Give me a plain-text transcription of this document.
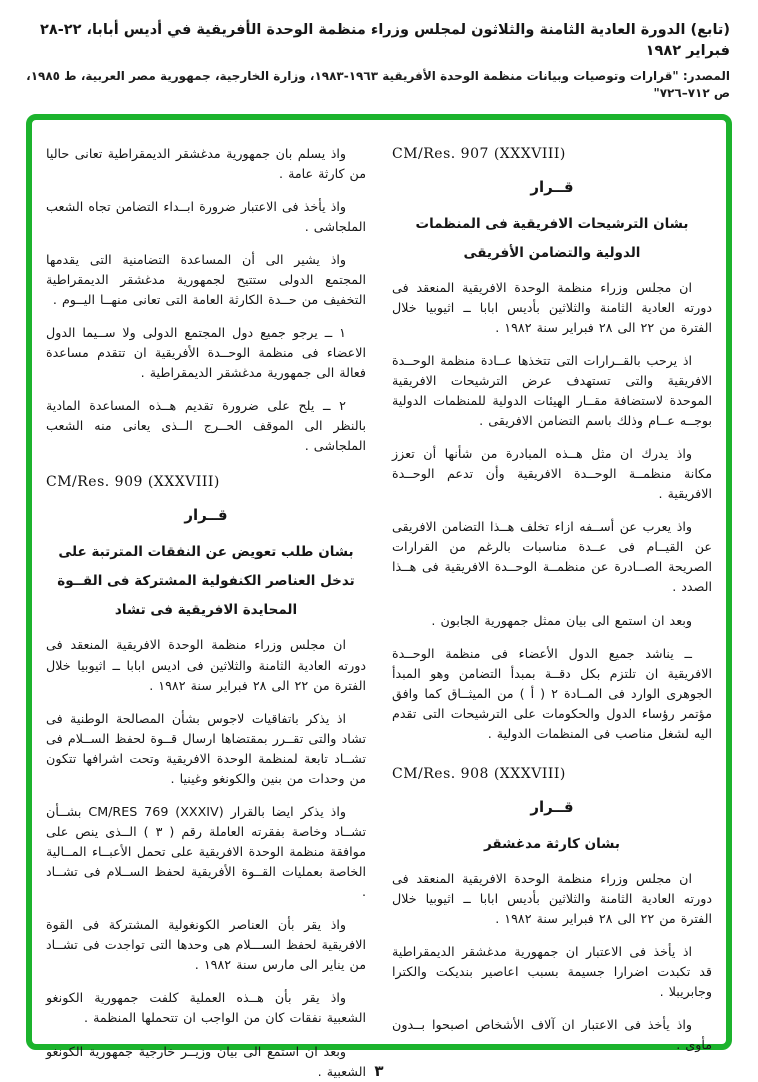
(تابع) الدورة العادية الثامنة والثلاثون لمجلس وزراء منظمة الوحدة الأفريقية في أديس أبابا، ٢٢-٢٨ فبراير ١٩٨٢
المصدر: "قرارات وتوصيات وبيانات منظمة الوحدة الأفريقية ١٩٦٣-١٩٨٣، وزارة الخارجية، جمهورية مصر العربية، ط ١٩٨٥، ص ٧١٢–٧٢٦"
CM/Res. 907 (XXXVIII)
قــرار
بشان الترشيحات الافريقية فى المنظمات
الدولية والتضامن الأفريقى

ان مجلس وزراء منظمة الوحدة الافريقية المنعقد فى دورته العادية الثامنة والثلاثين بأديس ابابا ــ اثيوبيا خلال الفترة من ٢٢ الى ٢٨ فبراير سنة ١٩٨٢ .

اذ يرحب بالقــرارات التى تتخذها عــادة منظمة الوحــدة الافريقية والتى تستهدف عرض الترشيحات الافريقية الموحدة لاستضافة مقــار الهيئات الدولية للمنظمات الدولية بوجــه عــام وذلك باسم التضامن الافريقى .

واذ يدرك ان مثل هــذه المبادرة من شأنها أن تعزز مكانة منظمــة الوحــدة الافريقية وأن تدعم الوحــدة الافريقية .

واذ يعرب عن أســفه ازاء تخلف هــذا التضامن الافريقى عن القيــام فى عــدة مناسبات بالرغم من القرارات الصريحة الصــادرة عن منظمــة الوحــدة الافريقية فى هــذا الصدد .

وبعد ان استمع الى بيان ممثل جمهورية الجابون .

ــ يناشد جميع الدول الأعضاء فى منظمة الوحــدة الافريقية ان تلتزم بكل دقــة بمبدأ التضامن وهو المبدأ الجوهرى الوارد فى المــادة ٢ ( أ ) من الميثــاق كما وافق مؤتمر رؤساء الدول والحكومات على الترشيحات التى تقدم اليه لشغل مناصب فى المنظمات الدولية .

CM/Res. 908 (XXXVIII)
قــرار
بشان كارثة مدغشقر

ان مجلس وزراء منظمة الوحدة الافريقية المنعقد فى دورته العادية الثامنة والثلاثين بأديس ابابا ــ اثيوبيا خلال الفترة من ٢٢ الى ٢٨ فبراير سنة ١٩٨٢ .

اذ يأخذ فى الاعتبار ان جمهورية مدغشقر الديمقراطية قد تكبدت اضرارا جسيمة بسبب اعاصير بنديكت والكترا وجابريبلا .

واذ يأخذ فى الاعتبار ان آلاف الأشخاص اصبحوا بــدون مأوى .

واذ يسلم بان جمهورية مدغشقر الديمقراطية تعانى حاليا من كارثة عامة .

واذ يأخذ فى الاعتبار ضرورة ابــداء التضامن تجاه الشعب الملجاشى .

واذ يشير الى أن المساعدة التضامنية التى يقدمها المجتمع الدولى ستتيح لجمهورية مدغشقر الديمقراطية التخفيف من حــدة الكارثة العامة التى تعانى منهــا اليــوم .

١ ــ يرجو جميع دول المجتمع الدولى ولا ســيما الدول الاعضاء فى منظمة الوحــدة الأفريقية ان تتقدم مساعدة فعالة الى جمهورية مدغشقر الديمقراطية .

٢ ــ يلح على ضرورة تقديم هــذه المساعدة المادية بالنظر الى الموقف الحــرج الــذى يعانى منه الشعب الملجاشى .

CM/Res. 909 (XXXVIII)
قــرار
بشان طلب تعويض عن النفقات المترتبة على
تدخل العناصر الكنفولية المشتركة فى القــوة
المحايدة الافريقية فى تشاد

ان مجلس وزراء منظمة الوحدة الافريقية المنعقد فى دورته العادية الثامنة والثلاثين فى اديس ابابا ــ اثيوبيا خلال الفترة من ٢٢ الى ٢٨ فبراير سنة ١٩٨٢ .

اذ يذكر باتفاقيات لاجوس بشأن المصالحة الوطنية فى تشاد والتى تقــرر بمقتضاها ارسال قــوة لحفظ الســلام فى تشــاد تابعة لمنظمة الوحدة الافريقية وتحت اشرافها تتكون من وحدات من بنين والكونغو وغينيا .

واذ يذكر ايضا بالقرار CM/RES 769 (XXXIV) بشــأن تشــاد وخاصة بفقرته العاملة رقم ( ٣ ) الــذى ينص على موافقة منظمة الوحدة الافريقية على تحمل الأعبــاء المــالية الخاصة بعمليات القــوة الأفريقية لحفظ الســلام فى تشــاد .

واذ يقر بأن العناصر الكونغولية المشتركة فى القوة الافريقية لحفظ الســـلام هى وحدها التى تواجدت فى تشــاد من يناير الى مارس سنة ١٩٨٢ .

واذ يقر بأن هــذه العملية كلفت جمهورية الكونغو الشعبية نفقات كان من الواجب ان تتحملها المنظمة .

وبعد ان استمع الى بيان وزيــر خارجية جمهورية الكونغو الشعبية . ٣
